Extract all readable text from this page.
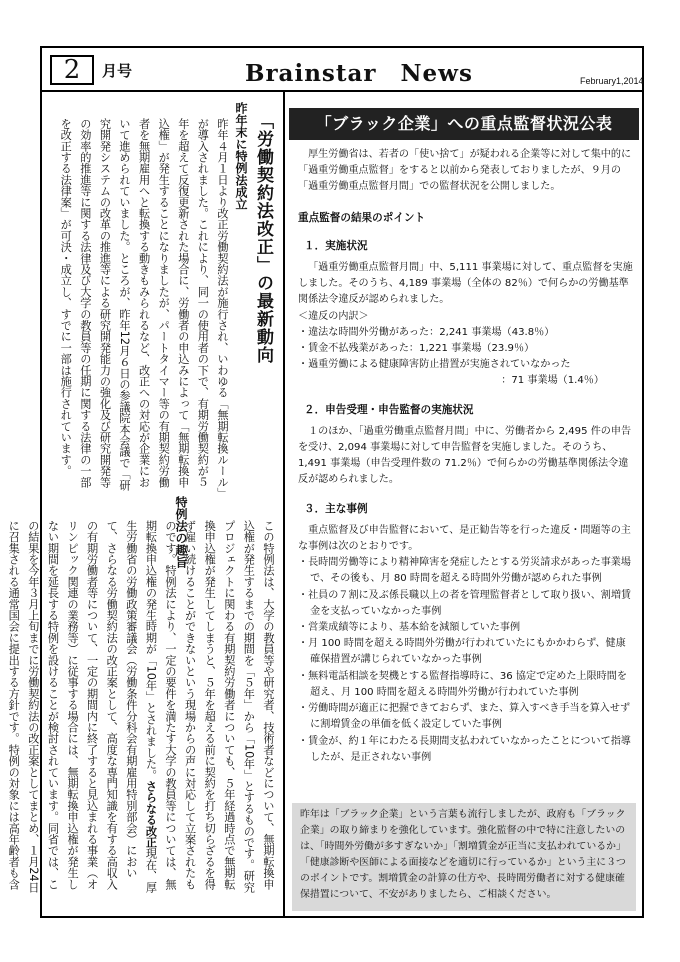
2	月号	Brainstar　News	February1,2014
「労働契約法改正」の最新動向
昨年末に特例法成立
昨年４月１日より改正労働契約法が施行され、いわゆる「無期転換ルール」が導入されました。これにより、同一の使用者の下で、有期労働契約が５年を超えて反復更新された場合に、労働者の申込みによって「無期転換申込権」が発生することになりましたが、パートタイマー等の有期契約労働者を無期雇用へと転換する動きもみられるなど、改正への対応が企業において進められていました。ところが、昨年12月６日の参議院本会議で「研究開発システムの改革の推進等による研究開発能力の強化及び研究開発等の効率的推進等に関する法律及び大学の教員等の任期に関する法律の一部を改正する法律案」が可決・成立し、すでに一部は施行されています。
特例法の趣旨	この特例法は、大学の教員等や研究者、技術者などについて、無期転換申込権が発生するまでの期間を「５年」から「10年」とするものです。研究プロジェクトに関わる有期契約労働者についても、５年経過時点で無期転換申込権が発生してしまうと、５年を超える前に契約を打ち切らざるを得ず雇い続けることができないという現場からの声に対応して立案されたものです。特例法により、一定の要件を満たす大学の教員等については、無期転換申込権の発生時期が「10年」とされました。さらなる改正現在、厚生労働省の労働政策審議会（労働条件分科会有期雇用特別部会）において、さらなる労働契約法の改正案として、高度な専門知識を有する高収入の有期労働者等について、一定の期間内に終了すると見込まれる事業（オリンピック関連の業務等）に従事する場合には、無期転換申込権が発生しない期間を延長する特例を設けることが検討されています。同省では、この結果を今年３月上旬までに労働契約法の改正案としてまとめ、１月24日に召集される通常国会に提出する方針です。特例の対象には高年齢者も含
「ブラック企業」への重点監督状況公表

厚生労働省は、若者の「使い捨て」が疑われる企業等に対して集中的に「過重労働重点監督」をすると以前から発表しておりましたが、９月の「過重労働重点監督月間」での監督状況を公開しました。

重点監督の結果のポイント

１．実施状況

「過重労働重点監督月間」中、5,111 事業場に対して、重点監督を実施しました。そのうち、4,189 事業場（全体の 82％）で何らかの労働基準関係法令違反が認められました。

＜違反の内訳＞

・違法な時間外労働があった：2,241 事業場（43.8％）

・賃金不払残業があった：1,221 事業場（23.9％）

・過重労働による健康障害防止措置が実施されていなかった

：71 事業場（1.4％）

２．申告受理・申告監督の実施状況

１のほか、「過重労働重点監督月間」中に、労働者から 2,495 件の申告を受け、2,094 事業場に対して申告監督を実施しました。そのうち、1,491 事業場（申告受理件数の 71.2％）で何らかの労働基準関係法令違反が認められました。

３．主な事例

重点監督及び申告監督において、是正勧告等を行った違反・問題等の主な事例は次のとおりです。

・長時間労働等により精神障害を発症したとする労災請求があった事業場で、その後も、月 80 時間を超える時間外労働が認められた事例

・社員の７割に及ぶ係長職以上の者を管理監督者として取り扱い、割増賃金を支払っていなかった事例

・営業成績等により、基本給を減額していた事例

・月 100 時間を超える時間外労働が行われていたにもかかわらず、健康確保措置が講じられていなかった事例

・無料電話相談を契機とする監督指導時に、36 協定で定めた上限時間を超え、月 100 時間を超える時間外労働が行われていた事例

・労働時間が適正に把握できておらず、また、算入すべき手当を算入せずに割増賃金の単価を低く設定していた事例

・賃金が、約１年にわたる長期間支払われていなかったことについて指導したが、是正されない事例

昨年は「ブラック企業」という言葉も流行しましたが、政府も「ブラック企業」の取り締まりを強化しています。強化監督の中で特に注意したいのは、「時間外労働が多すぎないか」「割増賃金が正当に支払われているか」「健康診断や医師による面接などを適切に行っているか」という主に３つのポイントです。割増賃金の計算の仕方や、長時間労働者に対する健康確保措置について、不安がありましたら、ご相談ください。
